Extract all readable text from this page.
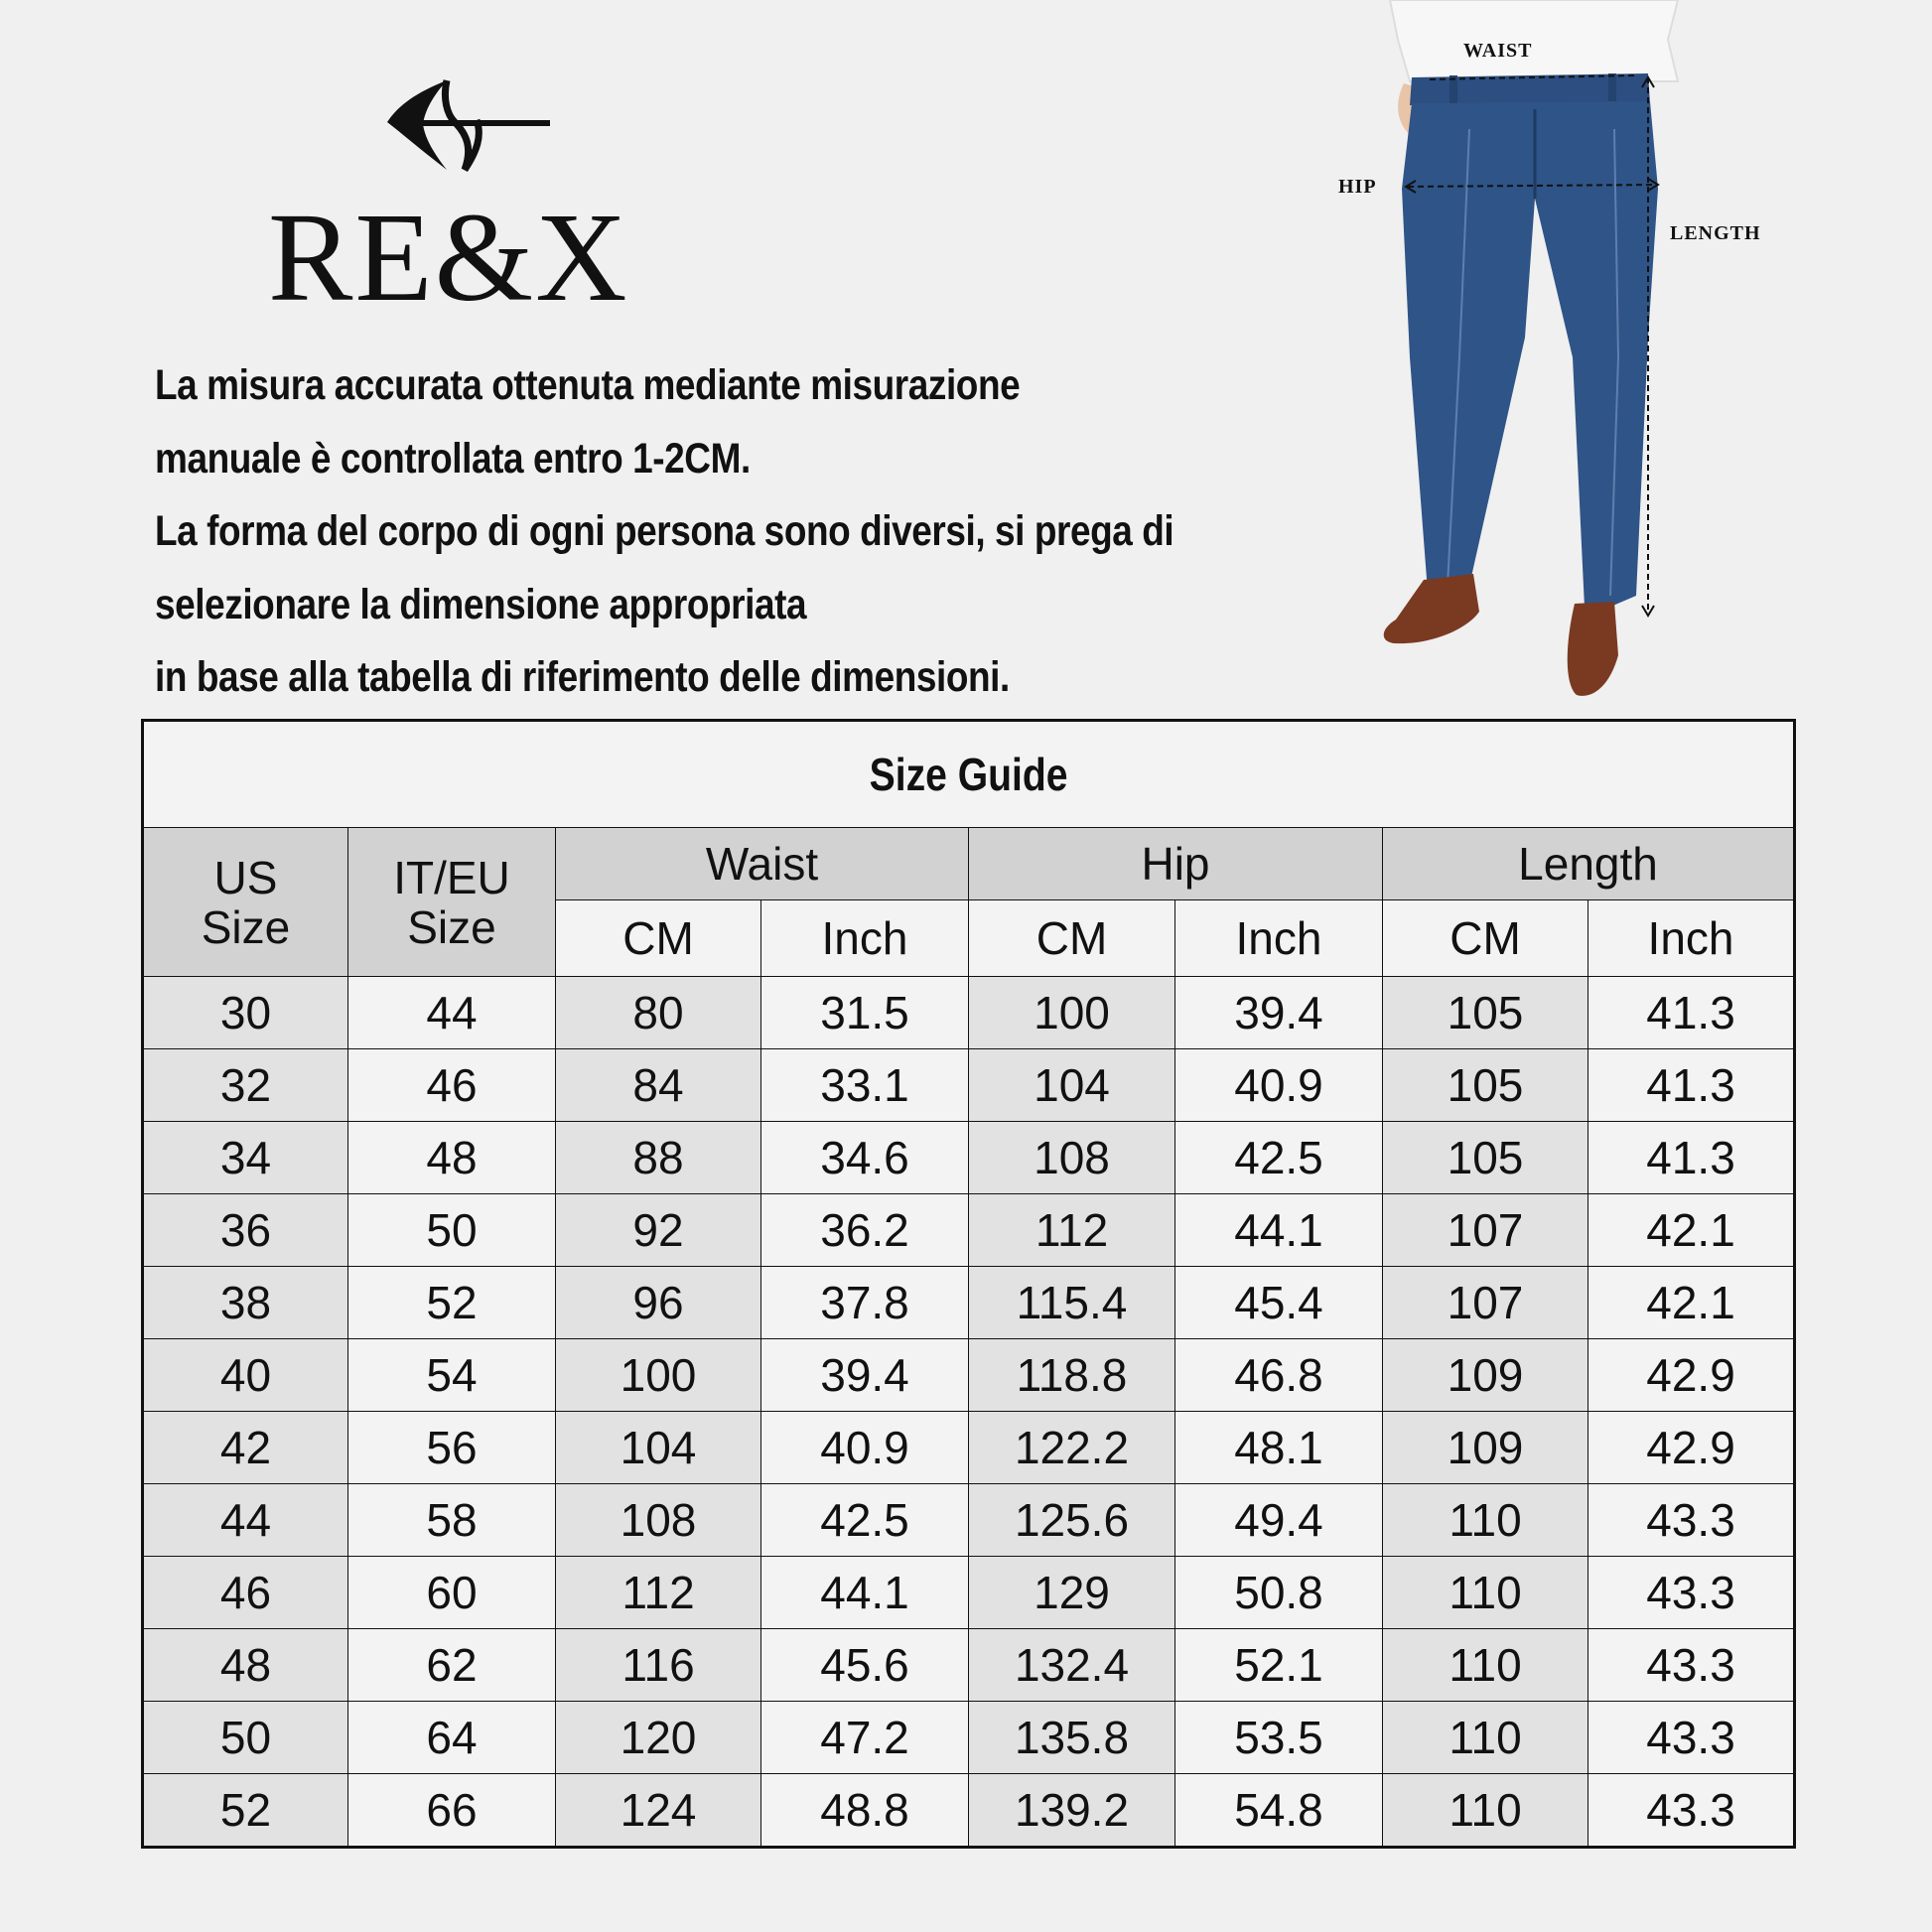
RE&X
La misura accurata ottenuta mediante misurazione
manuale è controllata entro 1-2CM.
La forma del corpo di ogni persona sono diversi, si prega di
selezionare la dimensione appropriata
in base alla tabella di riferimento delle dimensioni.
WAIST
HIP
LENGTH
Size Guide							
US
Size	IT/EU
Size	Waist		Hip		Length	
		CM	Inch	CM	Inch	CM	Inch
30	44	80	31.5	100	39.4	105	41.3
32	46	84	33.1	104	40.9	105	41.3
34	48	88	34.6	108	42.5	105	41.3
36	50	92	36.2	112	44.1	107	42.1
38	52	96	37.8	115.4	45.4	107	42.1
40	54	100	39.4	118.8	46.8	109	42.9
42	56	104	40.9	122.2	48.1	109	42.9
44	58	108	42.5	125.6	49.4	110	43.3
46	60	112	44.1	129	50.8	110	43.3
48	62	116	45.6	132.4	52.1	110	43.3
50	64	120	47.2	135.8	53.5	110	43.3
52	66	124	48.8	139.2	54.8	110	43.3
